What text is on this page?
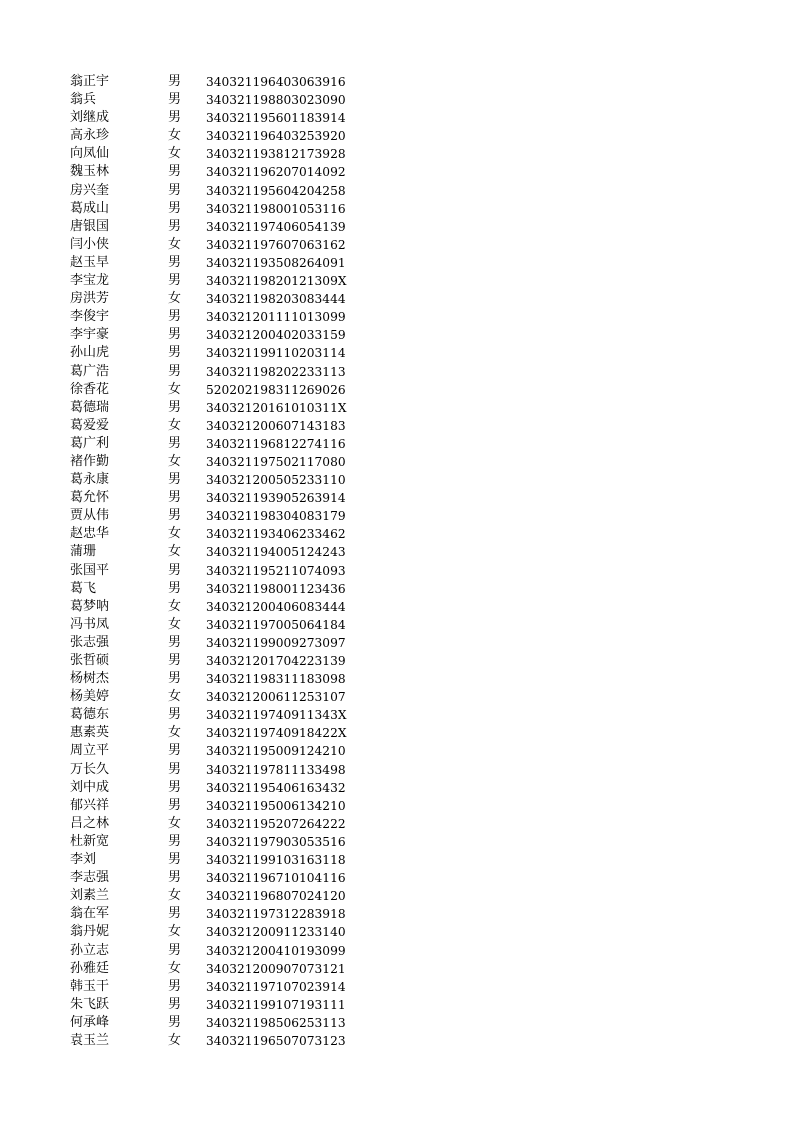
翁正宇	男	340321196403063916
翁兵	男	340321198803023090
刘继成	男	340321195601183914
高永珍	女	340321196403253920
向凤仙	女	340321193812173928
魏玉林	男	340321196207014092
房兴奎	男	340321195604204258
葛成山	男	340321198001053116
唐银国	男	340321197406054139
闫小侠	女	340321197607063162
赵玉早	男	340321193508264091
李宝龙	男	34032119820121309X
房洪芳	女	340321198203083444
李俊宇	男	340321201111013099
李宇豪	男	340321200402033159
孙山虎	男	340321199110203114
葛广浩	男	340321198202233113
徐香花	女	520202198311269026
葛德瑞	男	34032120161010311X
葛爱爱	女	340321200607143183
葛广利	男	340321196812274116
褚作勤	女	340321197502117080
葛永康	男	340321200505233110
葛允怀	男	340321193905263914
贾从伟	男	340321198304083179
赵忠华	女	340321193406233462
蒲珊	女	340321194005124243
张国平	男	340321195211074093
葛飞	男	340321198001123436
葛梦呐	女	340321200406083444
冯书凤	女	340321197005064184
张志强	男	340321199009273097
张哲硕	男	340321201704223139
杨树杰	男	340321198311183098
杨美婷	女	340321200611253107
葛德东	男	34032119740911343X
惠素英	女	34032119740918422X
周立平	男	340321195009124210
万长久	男	340321197811133498
刘中成	男	340321195406163432
郁兴祥	男	340321195006134210
吕之林	女	340321195207264222
杜新宽	男	340321197903053516
李刘	男	340321199103163118
李志强	男	340321196710104116
刘素兰	女	340321196807024120
翁在军	男	340321197312283918
翁丹妮	女	340321200911233140
孙立志	男	340321200410193099
孙雅廷	女	340321200907073121
韩玉干	男	340321197107023914
朱飞跃	男	340321199107193111
何承峰	男	340321198506253113
袁玉兰	女	340321196507073123
